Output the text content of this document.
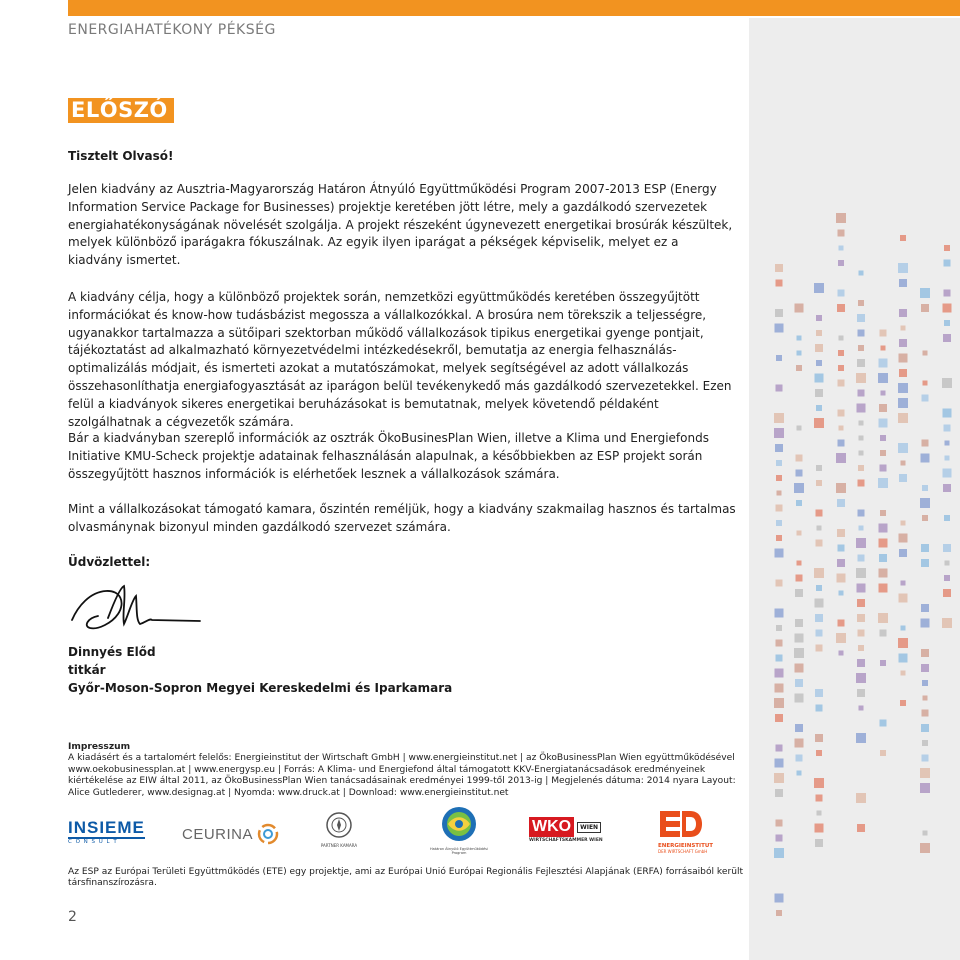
ENERGIAHATÉKONY PÉKSÉG
ELŐSZÓ
Tisztelt Olvasó!
Jelen kiadvány az Ausztria-Magyarország Határon Átnyúló Együttműködési Program 2007-2013 ESP (Energy Information Service Package for Businesses) projektje keretében jött létre, mely a gazdálkodó szervezetek energiahatékonyságának növelését szolgálja. A projekt részeként úgynevezett energetikai brosúrák készültek, melyek különböző iparágakra fókuszálnak. Az egyik ilyen iparágat a pékségek képviselik, melyet ez a kiadvány ismertet.
A kiadvány célja, hogy a különböző projektek során, nemzetközi együttműködés keretében összegyűjtött információkat és know-how tudásbázist megossza a vállalkozókkal. A brosúra nem törekszik a teljességre, ugyanakkor tartalmazza a sütőipari szektorban működő vállalkozások tipikus energetikai gyenge pontjait, tájékoztatást ad alkalmazható környezetvédelmi intézkedésekről, bemutatja az energia felhasználás-optimalizálás módjait, és ismerteti azokat a mutatószámokat, melyek segítségével az adott vállalkozás összehasonlíthatja energiafogyasztását az iparágon belül tevékenykedő más gazdálkodó szervezetekkel. Ezen felül a kiadványok sikeres energetikai beruházásokat is bemutatnak, melyek követendő példaként szolgálhatnak a cégvezetők számára.
Bár a kiadványban szereplő információk az osztrák ÖkoBusinesPlan Wien, illetve a Klima und Energiefonds Initiative KMU-Scheck projektje adatainak felhasználásán alapulnak, a későbbiekben az ESP projekt során összegyűjtött hasznos információk is elérhetőek lesznek a vállalkozások számára.
Mint a vállalkozásokat támogató kamara, őszintén reméljük, hogy a kiadvány szakmailag hasznos és tartalmas olvasmánynak bizonyul minden gazdálkodó szervezet számára.
Üdvözlettel:
Dinnyés Előd
titkár
Győr-Moson-Sopron Megyei Kereskedelmi és Iparkamara
Impresszum
A kiadásért és a tartalomért felelős: Energieinstitut der Wirtschaft GmbH | www.energieinstitut.net | az ÖkoBusinessPlan Wien együttműködésével www.oekobusinessplan.at | www.energysp.eu | Forrás: A Klima- und Energiefond által támogatott KKV-Energiatanácsadások eredményeinek kiértékelése az EIW által 2011, az ÖkoBusinessPlan Wien tanácsadásainak eredményei 1999-től 2013-ig | Megjelenés dátuma: 2014 nyara Layout: Alice Gutlederer, www.designag.at | Nyomda: www.druck.at | Download: www.energieinstitut.net
INSIEME
C O N S U L T	CEURINA
PARTNER KAMARA
Határon Átnyúló Együttműködési Program
WKO	WIEN
WIRTSCHAFTSKAMMER WIEN
ENERGIEINSTITUT
DER WIRTSCHAFT GmbH
Az ESP az Európai Területi Együttműködés (ETE) egy projektje, ami az Európai Unió Európai Regionális Fejlesztési Alapjának (ERFA) forrásaiból került társfinanszírozásra.
2
